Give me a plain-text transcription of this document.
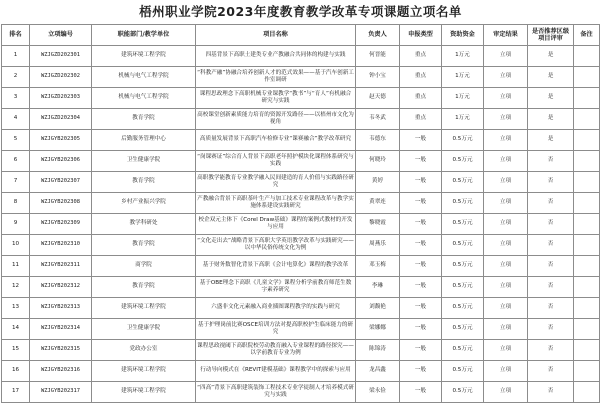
梧州职业学院2023年度教育教学改革专项课题立项名单
排名	立项编号	职能部门/教学单位	项目名称	负责人	申报类型	资助资金	审定结果	是否推荐区级项目评审	备注
1	WZJGZD202301	建筑环境工程学院	四基背景下高职土建类专业产教融合共同体的构建与实践	何晋能	重点	1万元	立项	是	
2	WZJGZD202302	机械与电气工程学院	“科教产融”协融合培养创新人才的范式效果——基于汽车创新工作室调研	钟小宝	重点	1万元	立项	是	
3	WZJGZD202303	机械与电气工程学院	课程思政理念下高职机械专业课教学“教书”与“育人”有机融合研究与实践	赵天德	重点	1万元	立项	是	
4	WZJGZD202304	教育学院	高校课堂创新素质能力培育的资源开发路径——以梧州市文化为视角	韦冬武	重点	1万元	立项	是	
5	WZJGYB202305	后勤服务管理中心	高质量发展背景下高职汽车检修专业“课赛融合”教学改革研究	韦德东	一般	0.5万元	立项	是	
6	WZJGYB202306	卫生健康学院	“岗课赛证”综合育人背景下高职老年照护模块化课程体系研究与实践	何晓玲	一般	0.5万元	立项	否	
7	WZJGYB202307	教育学院	高职教学能教育专业教学融入民间建造的育人价值与实践路径研究	黄婷	一般	0.5万元	立项	否	
8	WZJGYB202308	乡村产业振兴学院	产教融合背景下高职茶叶生产与加工技术专业课程改革与教学实施体系建设实践研究	黄翠连	一般	0.5万元	立项	否	
9	WZJGYB202309	教学科研处	校企双元主体下《Corel Draw基础》课程的案例式教材的开发与应用	黎晓霞	一般	0.5万元	立项	否	
10	WZJGYB202310	教育学院	“文化走出去”战略背景下高职大学英语教学改革与实践研究——以中华民俗传统文化为例	周燕乐	一般	0.5万元	立项	否	
11	WZJGYB202311	商学院	基于财务数智化背景下高职《会计电算化》课程的教学改革	邓玉梅	一般	0.5万元	立项	否	
12	WZJGYB202312	教育学院	基于OBE理念下高职《儿童文学》课程分析学前教育师范生数字素养研究	李琳	一般	0.5万元	立项	否	
13	WZJGYB202313	建筑环境工程学院	六盛非文化元素融入商业插图课程教学的实践与研究	刘馥艳	一般	0.5万元	立项	否	
14	WZJGYB202314	卫生健康学院	基于护理岗前比赛OSCE培训方法对提高职校护生临床能力的研究	梁娜娜	一般	0.5万元	立项	否	
15	WZJGYB202315	党政办公室	课程思政视阈下高职院校劳动教育融入专业课程的路径探究——以学前教育专业为例	陈锦涛	一般	0.5万元	立项	否	
16	WZJGYB202316	建筑环境工程学院	行动导向模式在《REVIT建模基础》课程教学中的探索与应用	龙昌鑫	一般	0.5万元	立项	否	
17	WZJGYB202317	建筑环境工程学院	“四高”背景下高职建筑装饰工程技术专业学徒制人才培养模式研究与实践	梁永俭	一般	0.5万元	立项	否	
